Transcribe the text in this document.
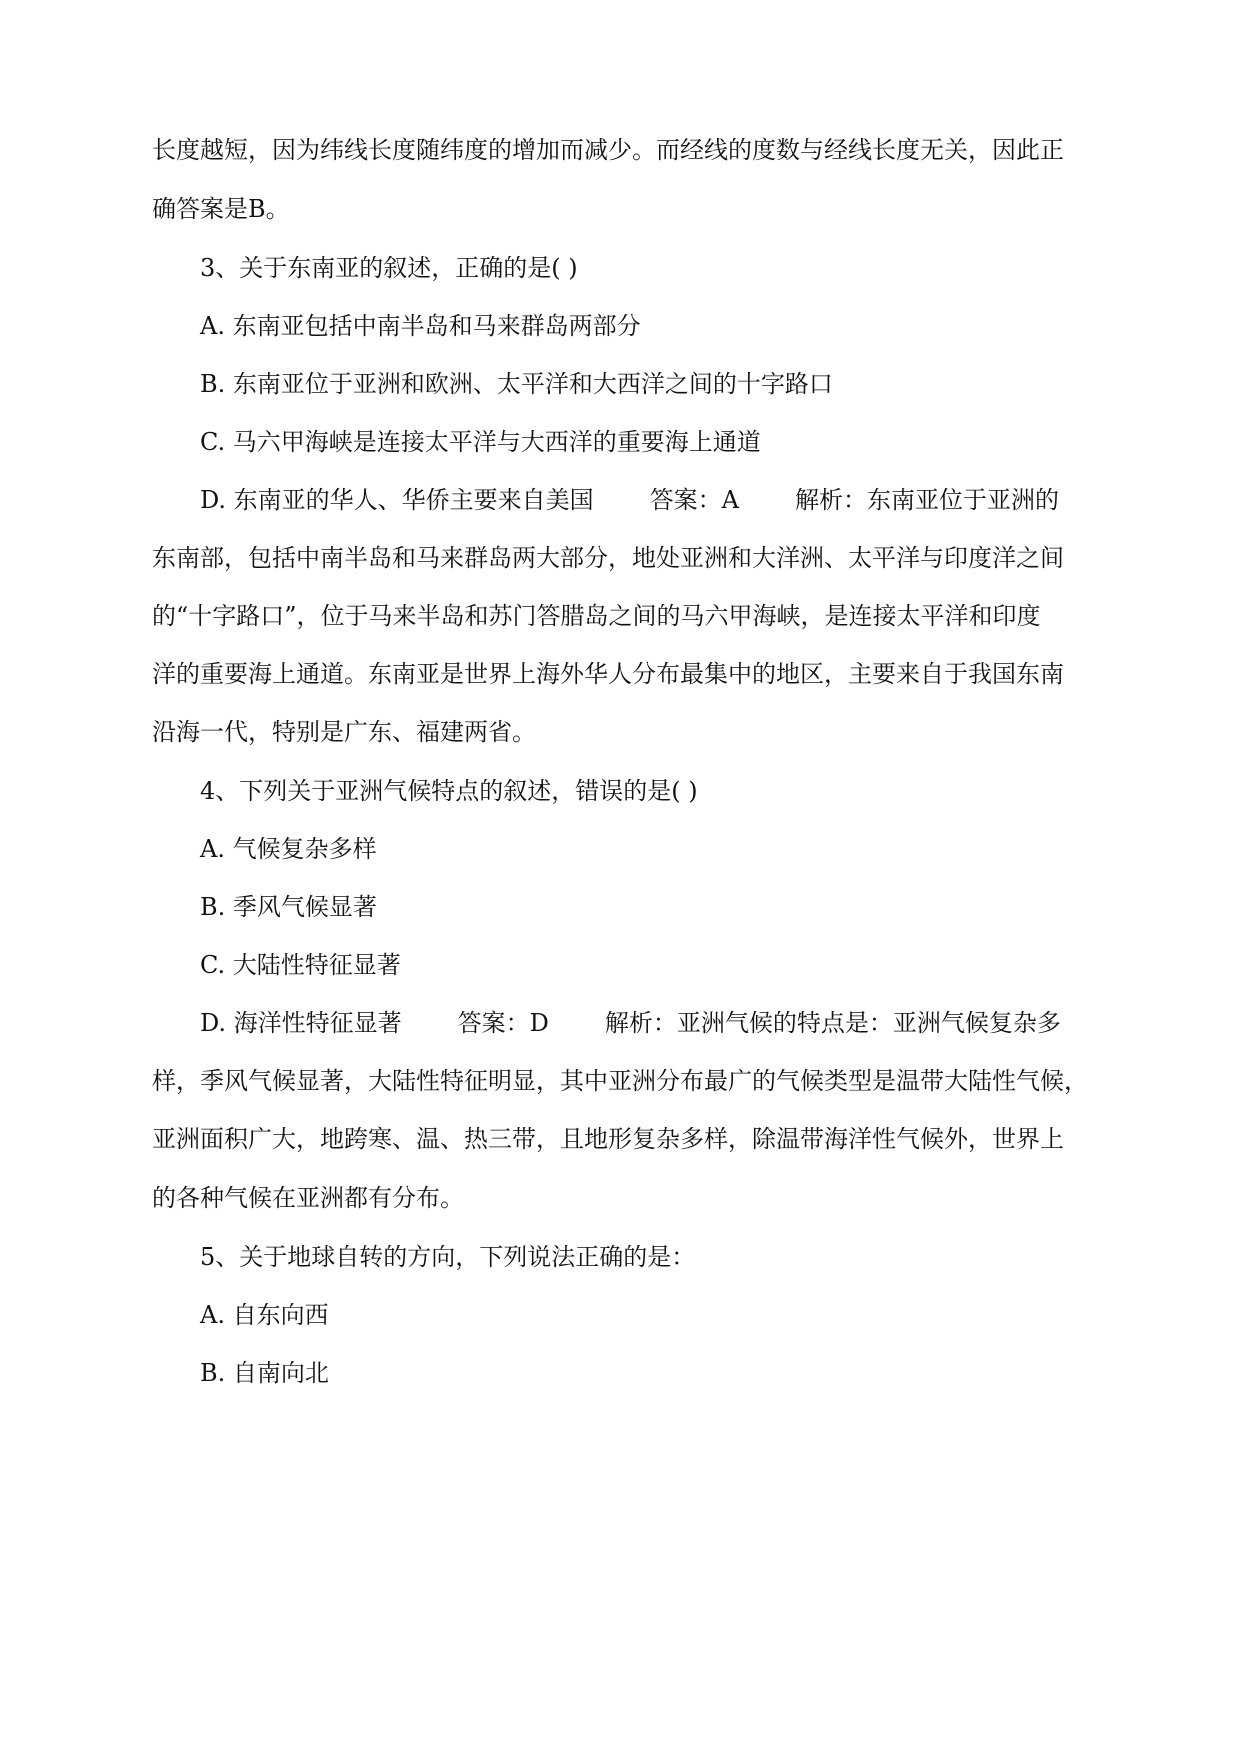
长度越短，因为纬线长度随纬度的增加而减少。而经线的度数与经线长度无关，因此正
确答案是B。
3、关于东南亚的叙述，正确的是( )
A. 东南亚包括中南半岛和马来群岛两部分
B. 东南亚位于亚洲和欧洲、太平洋和大西洋之间的十字路口
C. 马六甲海峡是连接太平洋与大西洋的重要海上通道
D. 东南亚的华人、华侨主要来自美国 答案：A 解析：东南亚位于亚洲的
东南部，包括中南半岛和马来群岛两大部分，地处亚洲和大洋洲、太平洋与印度洋之间
的“十字路口”，位于马来半岛和苏门答腊岛之间的马六甲海峡，是连接太平洋和印度
洋的重要海上通道。东南亚是世界上海外华人分布最集中的地区，主要来自于我国东南
沿海一代，特别是广东、福建两省。
4、下列关于亚洲气候特点的叙述，错误的是( )
A. 气候复杂多样
B. 季风气候显著
C. 大陆性特征显著
D. 海洋性特征显著 答案：D 解析：亚洲气候的特点是：亚洲气候复杂多
样，季风气候显著，大陆性特征明显，其中亚洲分布最广的气候类型是温带大陆性气候，
亚洲面积广大，地跨寒、温、热三带，且地形复杂多样，除温带海洋性气候外，世界上
的各种气候在亚洲都有分布。
5、关于地球自转的方向，下列说法正确的是：
A. 自东向西
B. 自南向北
